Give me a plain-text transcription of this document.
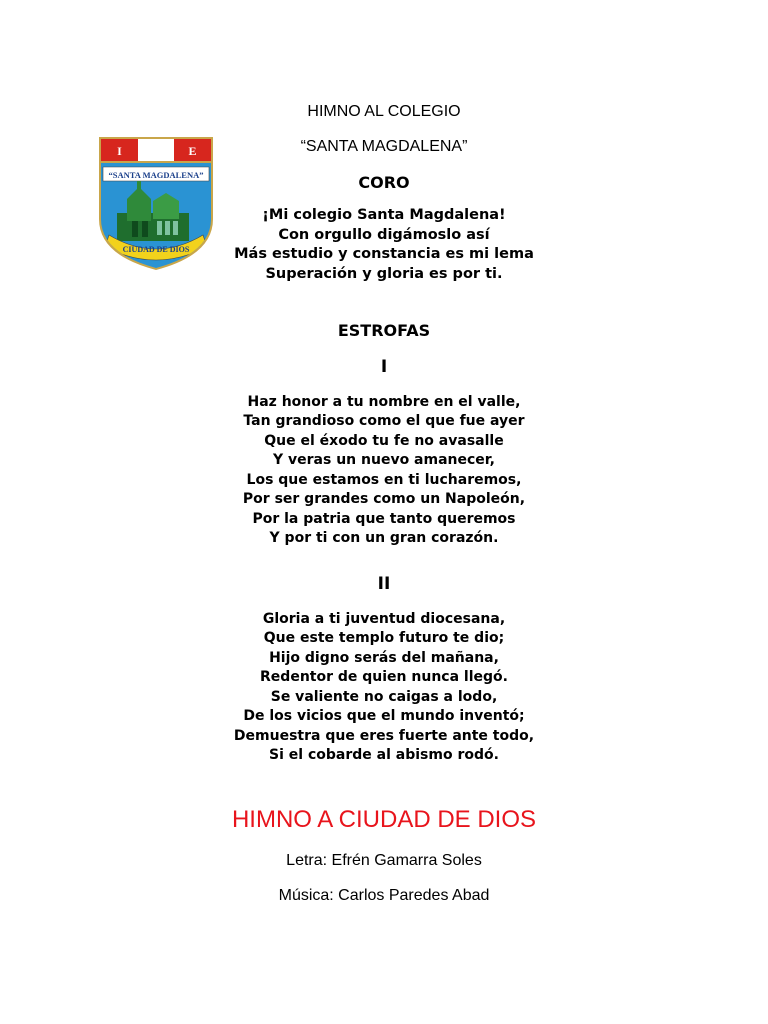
I	E
“SANTA MAGDALENA”
CIUDAD DE DIOS
HIMNO AL COLEGIO
“SANTA MAGDALENA”
CORO
¡Mi colegio Santa Magdalena!
Con orgullo digámoslo así
Más estudio y constancia es mi lema
Superación y gloria es por ti.
ESTROFAS
I
Haz honor a tu nombre en el valle,
Tan grandioso como el que fue ayer
Que el éxodo tu fe no avasalle
Y veras un nuevo amanecer,
Los que estamos en ti lucharemos,
Por ser grandes como un Napoleón,
Por la patria que tanto queremos
Y por ti con un gran corazón.
II
Gloria a ti juventud diocesana,
Que este templo futuro te dio;
Hijo digno serás del mañana,
Redentor de quien nunca llegó.
Se valiente no caigas a lodo,
De los vicios que el mundo inventó;
Demuestra que eres fuerte ante todo,
Si el cobarde al abismo rodó.
HIMNO A CIUDAD DE DIOS
Letra: Efrén Gamarra Soles
Música: Carlos Paredes Abad
